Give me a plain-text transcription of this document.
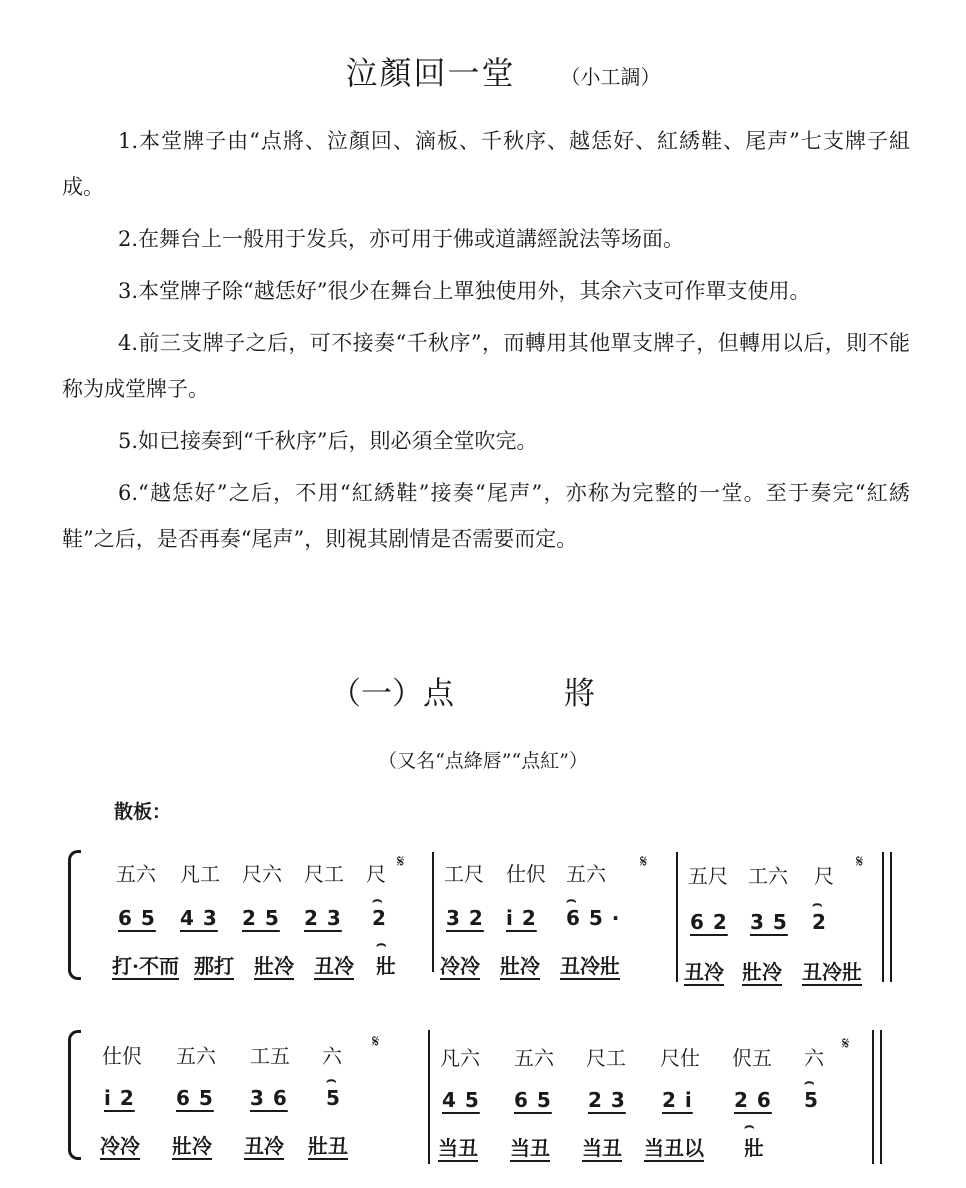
泣顏回一堂 （小工調）

1.本堂牌子由“点將、泣顏回、滴板、千秋序、越恁好、紅綉鞋、尾声”七支牌子組成。

2.在舞台上一般用于发兵，亦可用于佛或道講經說法等场面。

3.本堂牌子除“越恁好”很少在舞台上單独使用外，其余六支可作單支使用。

4.前三支牌子之后，可不接奏“千秋序”，而轉用其他單支牌子，但轉用以后，則不能称为成堂牌子。

5.如已接奏到“千秋序”后，則必須全堂吹完。

6.“越恁好”之后，不用“紅綉鞋”接奏“尾声”，亦称为完整的一堂。至于奏完“紅綉鞋”之后，是否再奏“尾声”，則視其剧情是否需要而定。

（一）点	將
（又名“点絳唇”“点紅”）
散板：
五六 凡工 尺六 尺工 尺 𝄋
6 5 4 3 2 5 2 3 ⌢ 2
打·不而 那打 壯冷 丑冷 ⌢ 壯
工尺 仕伬 五六 𝄋
3 2 i 2 ⌢ 6 5 ·
冷冷 壯冷 丑冷壯
五尺 工六 尺
𝄋
6 2 3 5 ⌢ 2
丑冷 壯冷 丑冷壯
仕伬 五六 工五 六
𝄋
i 2 6 5 3 6 ⌢ 5
冷冷 壯冷 丑冷 壯丑
凡六 五六 尺工 尺仕 伬五 六
𝄋
4 5 6 5 2 3 2 i 2 6 ⌢ 5
当丑 当丑 当丑 当丑以 ⌢ 壯
